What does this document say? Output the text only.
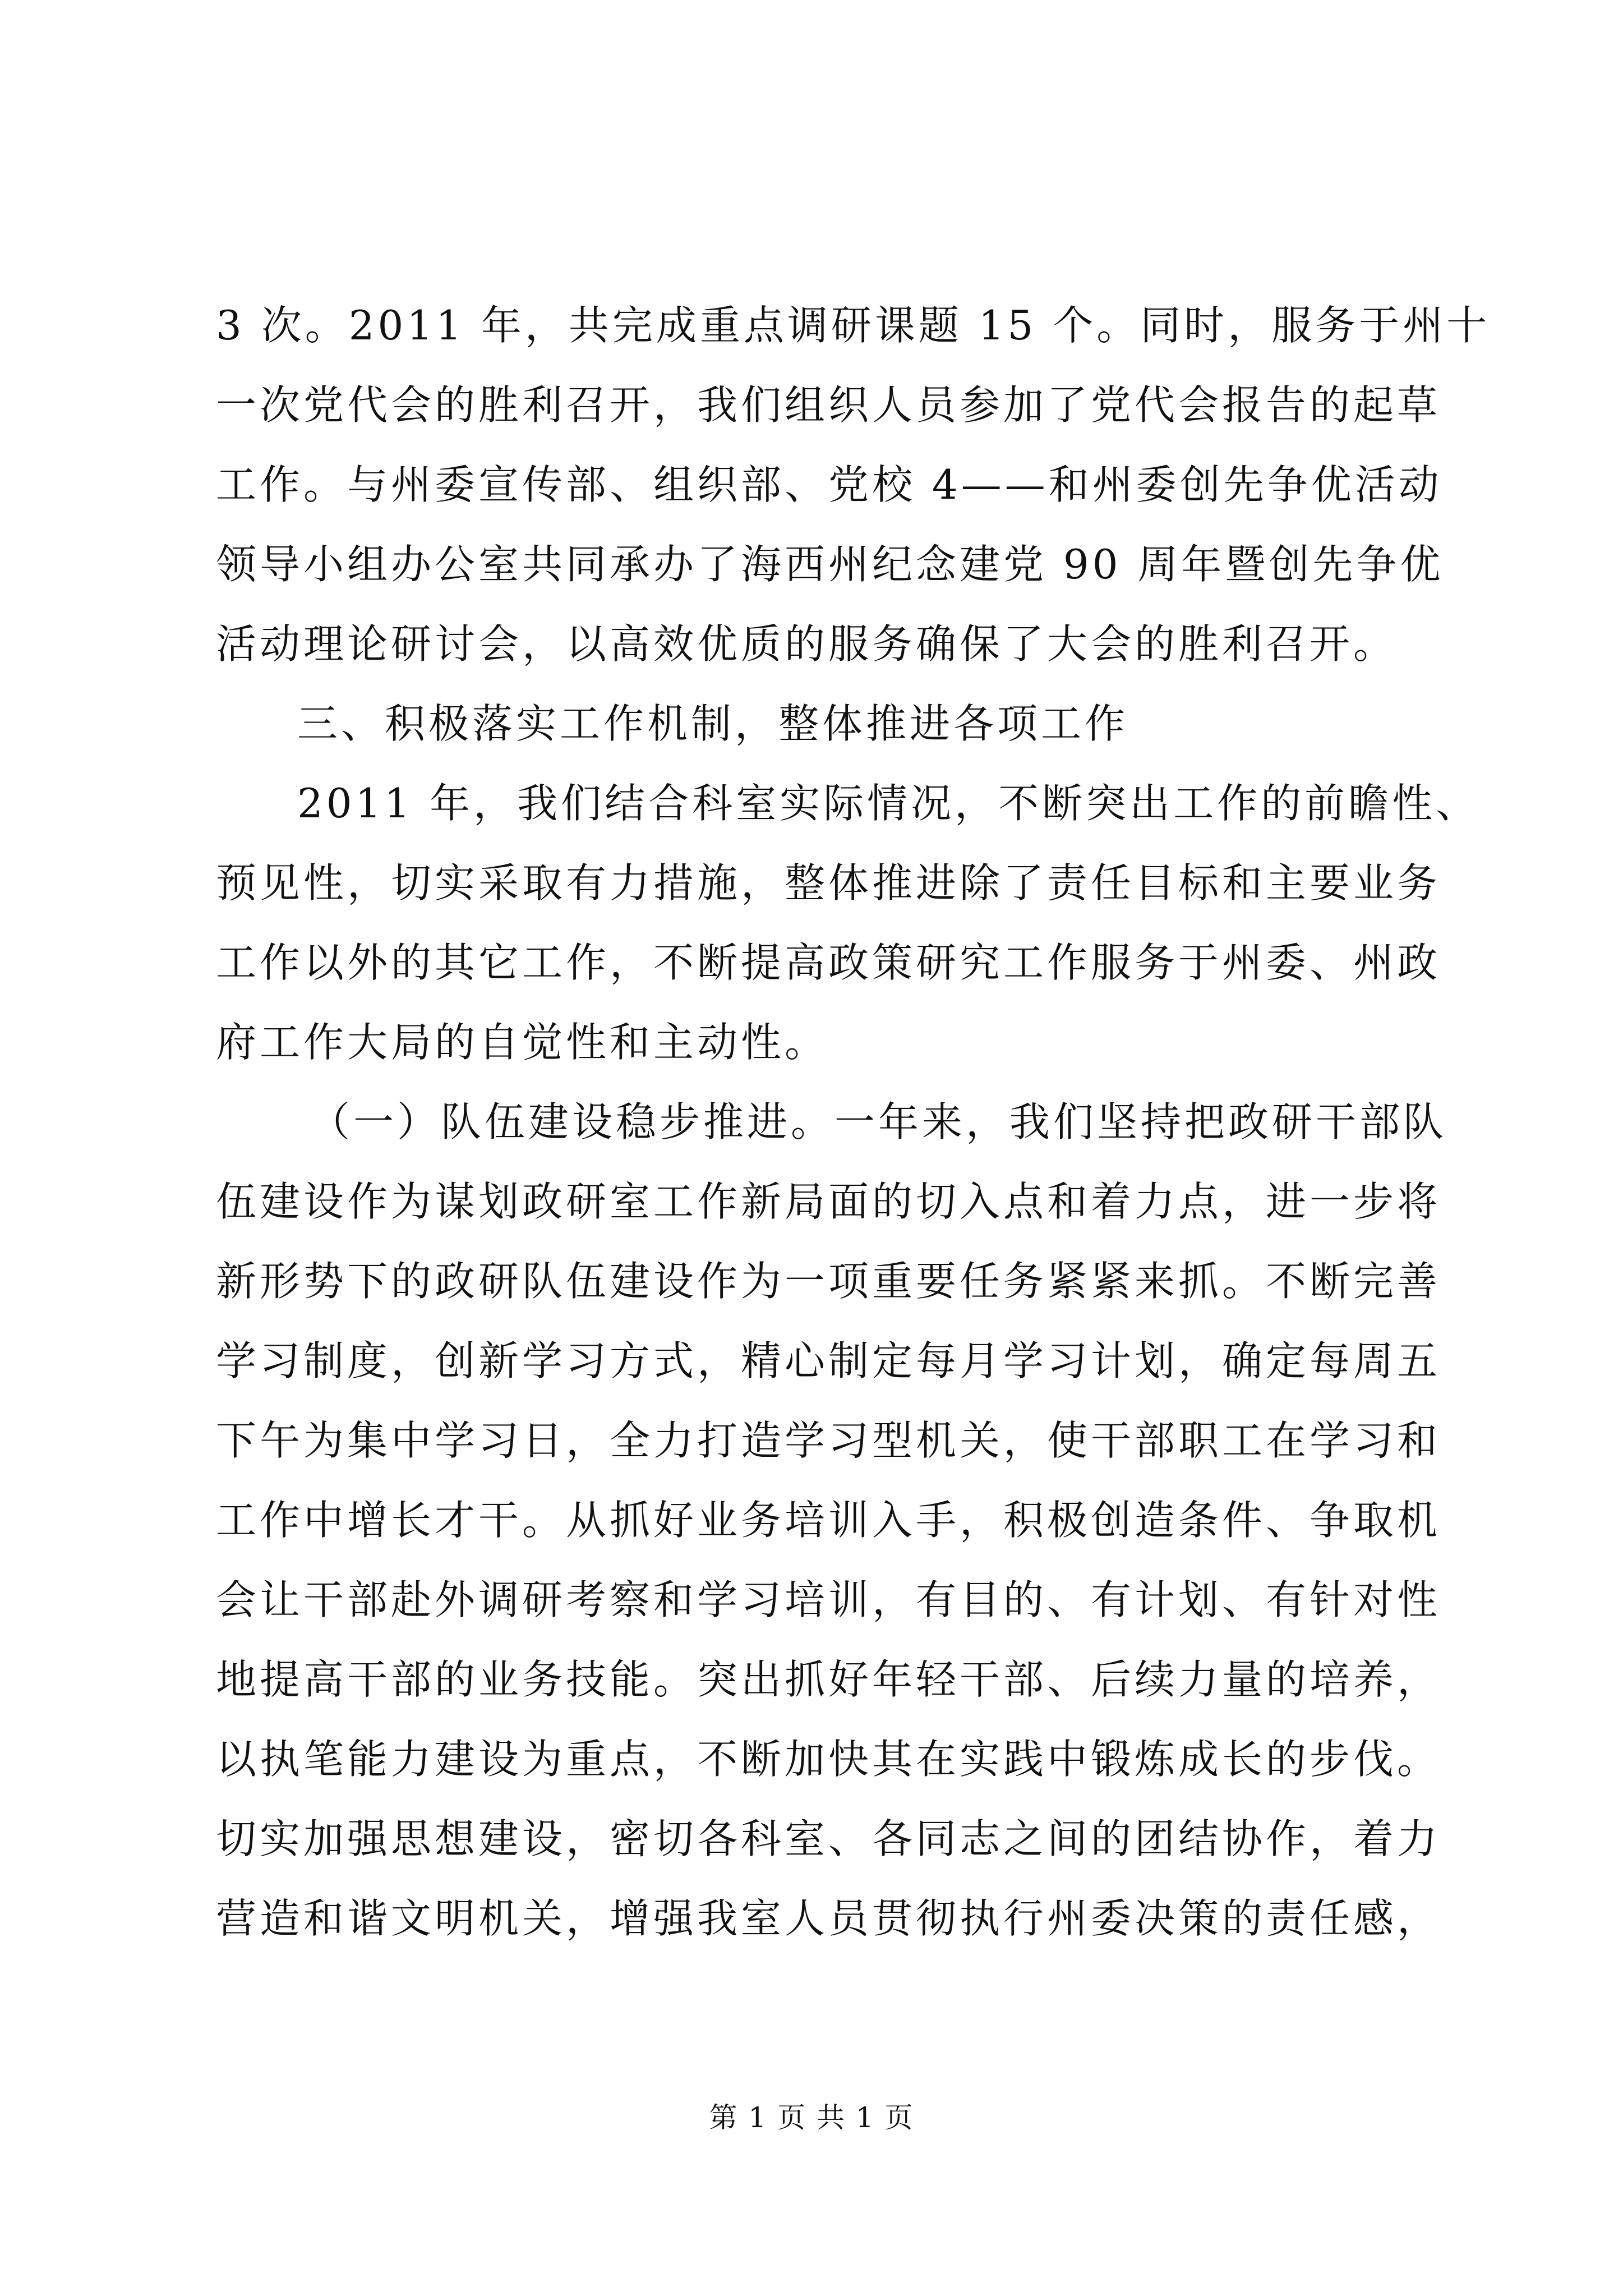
3 次。2011 年，共完成重点调研课题 15 个。同时，服务于州十
一次党代会的胜利召开，我们组织人员参加了党代会报告的起草
工作。与州委宣传部、组织部、党校 4——和州委创先争优活动
领导小组办公室共同承办了海西州纪念建党 90 周年暨创先争优
活动理论研讨会，以高效优质的服务确保了大会的胜利召开。
三、积极落实工作机制，整体推进各项工作
2011 年，我们结合科室实际情况，不断突出工作的前瞻性、
预见性，切实采取有力措施，整体推进除了责任目标和主要业务
工作以外的其它工作，不断提高政策研究工作服务于州委、州政
府工作大局的自觉性和主动性。
（一）队伍建设稳步推进。一年来，我们坚持把政研干部队
伍建设作为谋划政研室工作新局面的切入点和着力点，进一步将
新形势下的政研队伍建设作为一项重要任务紧紧来抓。不断完善
学习制度，创新学习方式，精心制定每月学习计划，确定每周五
下午为集中学习日，全力打造学习型机关，使干部职工在学习和
工作中增长才干。从抓好业务培训入手，积极创造条件、争取机
会让干部赴外调研考察和学习培训，有目的、有计划、有针对性
地提高干部的业务技能。突出抓好年轻干部、后续力量的培养，
以执笔能力建设为重点，不断加快其在实践中锻炼成长的步伐。
切实加强思想建设，密切各科室、各同志之间的团结协作，着力
营造和谐文明机关，增强我室人员贯彻执行州委决策的责任感，
第 1 页 共 1 页
